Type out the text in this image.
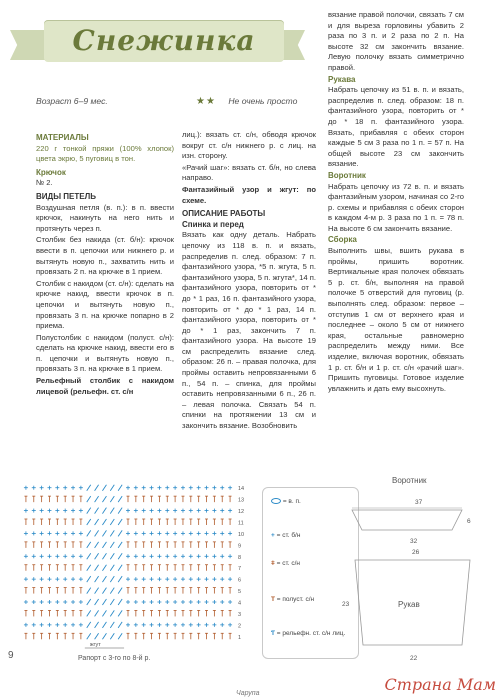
Снежинка
Возраст 6–9 мес.	★★ Не очень просто
МАТЕРИАЛЫ

220 г тонкой пряжи (100% хлопок) цвета экрю, 5 пуговиц в тон.

Крючок

№ 2.

ВИДЫ ПЕТЕЛЬ

Воздушная петля (в. п.): в п. ввести крючок, накинуть на него нить и протянуть через п.

Столбик без накида (ст. б/н): крючок ввести в п. цепочки или нижнего р. и вытянуть новую п., захватить нить и провязать 2 п. на крючке в 1 прием.

Столбик с накидом (ст. с/н): сделать на крючке накид, ввести крючок в п. цепочки и вытянуть новую п., провязать 3 п. на крючке попарно в 2 приема.

Полустолбик с накидом (полуст. с/н): сделать на крючке накид, ввести его в п. цепочки и вытянуть новую п., провязать 3 п. на крючке в 1 прием.

Рельефный столбик с накидом лицевой (рельефн. ст. с/н

лиц.): вязать ст. с/н, обводя крючок вокруг ст. с/н нижнего р. с лиц. на изн. сторону.

«Рачий шаг»: вязать ст. б/н, но слева направо.

Фантазийный узор и жгут: по схеме.

ОПИСАНИЕ РАБОТЫ
Спинка и перед

Вязать как одну деталь. Набрать цепочку из 118 в. п. и вязать, распределив п. след. образом: 7 п. фантазийного узора, *5 п. жгута, 5 п. фантазийного узора, 5 п. жгута*, 14 п. фантазийного узора, повторить от * до * 1 раз, 16 п. фантазийного узора, повторить от * до * 1 раз, 14 п. фантазийного узора, повторить от * до * 1 раз, закончить 7 п. фантазийного узора. На высоте 19 см распределить вязание след. образом: 26 п. – правая полочка, для проймы оставить непровязанными 6 п., 54 п. – спинка, для проймы оставить непровязанными 6 п., 26 п. – левая полочка. Связать 54 п. спинки на протяжении 13 см и закончить вязание. Возобновить

вязание правой полочки, связать 7 см и для выреза горловины убавить 2 раза по 3 п. и 2 раза по 2 п. На высоте 32 см закончить вязание. Левую полочку вязать симметрично правой.

Рукава

Набрать цепочку из 51 в. п. и вязать, распределив п. след. образом: 18 п. фантазийного узора, повторить от * до * 18 п. фантазийного узора. Вязать, прибавляя с обеих сторон каждые 5 см 3 раза по 1 п. = 57 п. На общей высоте 23 см закончить вязание.

Воротник

Набрать цепочку из 72 в. п. и вязать фантазийным узором, начиная со 2-го р. схемы и прибавляя с обеих сторон в каждом 4-м р. 3 раза по 1 п. = 78 п. На высоте 6 см закончить вязание.

Сборка

Выполнить швы, вшить рукава в проймы, пришить воротник. Вертикальные края полочек обвязать 5 р. ст. б/н, выполняя на правой полочке 5 отверстий для пуговиц (р. выполнять след. образом: первое – отступив 1 см от верхнего края и последнее – около 5 см от нижнего края, остальные равномерно распределить между ними. Все изделие, включая воротник, обвязать 1 р. ст. б/н и 1 р. ст. с/н «рачий шаг». Пришить пуговицы. Готовое изделие увлажнить и дать ему высохнуть.

1
2
3
4
5
6
7
8
9
10
11
12
13
14
жгут
Рапорт с 3-го по 8-й р.
= в. п.
+ = ст. б/н
ǂ = ст. с/н
T = полуст. с/н
Ƭ = рельефн. ст. с/н лиц.
Воротник
37
6
32
26
Рукав
23
22
9
Чарупа	Страна Мам
